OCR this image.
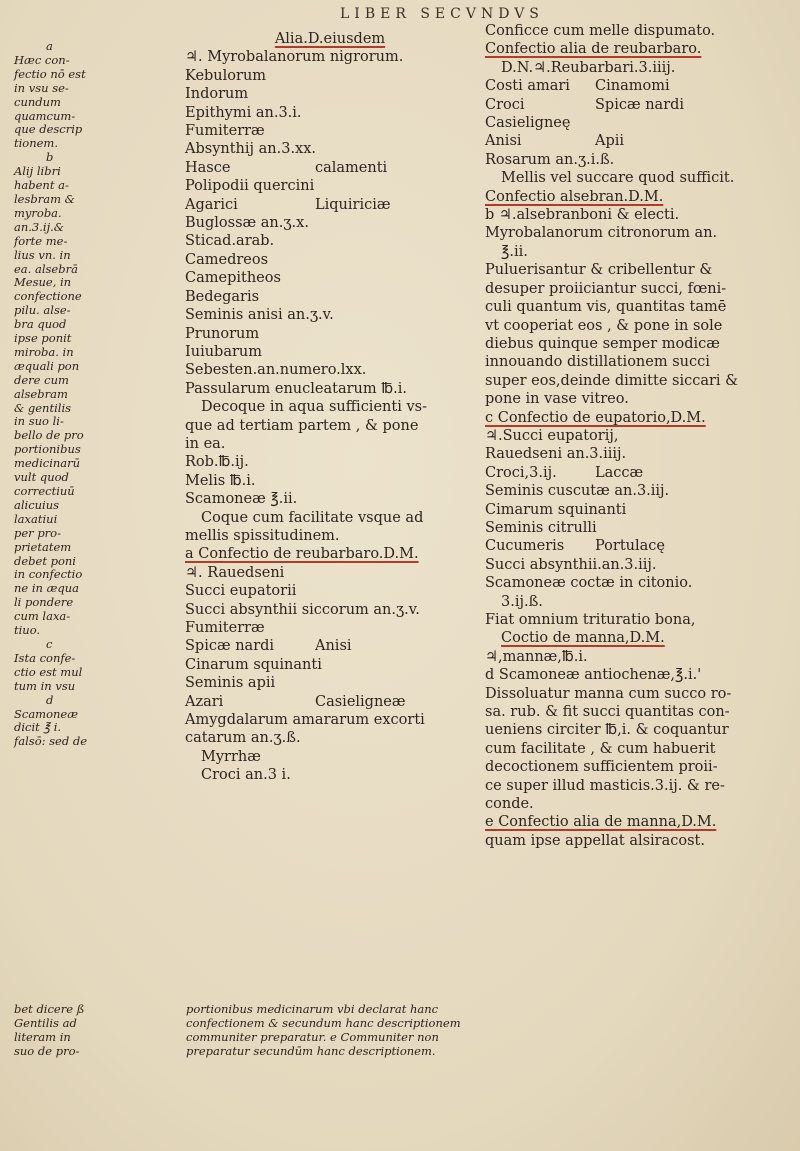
LIBER SECVNDVS
a
Hæc con-
fectio nō est
in vsu se-
cundum
quamcum-
que descrip
tionem.
b
Alij libri
habent a-
lesbram &
myroba.
an.3.ij.&
forte me-
lius vn. in
ea. alsebrā
Mesue, in
confectione
pilu. alse-
bra quod
ipse ponit
miroba. in
æquali pon
dere cum
alsebram
& gentilis
in suo li-
bello de pro
portionibus
medicinarū
vult quod
correctiuū
alicuius
laxatiui
per pro-
prietatem
debet poni
in confectio
ne in æqua
li pondere
cum laxa-
tiuo.
c
Ista confe-
ctio est mul
tum in vsu
d
Scamoneæ
dicit ℥ i.
falsō: sed de
Alia.D.eiusdem
♃. Myrobalanorum nigrorum.
Kebulorum
Indorum
Epithymi an.3.i.
Fumiterræ
Absynthij an.3.xx.
Hasce	calamenti
Polipodii quercini
Agarici	Liquiriciæ
Buglossæ an.ʒ.x.
Sticad.arab.
Camedreos
Camepitheos
Bedegaris
Seminis anisi an.ʒ.v.
Prunorum
Iuiubarum
Sebesten.an.numero.lxx.
Passularum enucleatarum ℔.i.
Decoque in aqua sufficienti vs-
que ad tertiam partem , & pone
in ea.
Rob.℔.ij.
Melis ℔.i.
Scamoneæ ℥.ii.
Coque cum facilitate vsque ad
mellis spissitudinem.
a Confectio de reubarbaro.D.M.
♃. Rauedseni
Succi eupatorii
Succi absynthii siccorum an.ʒ.v.
Fumiterræ
Spicæ nardi	Anisi
Cinarum squinanti
Seminis apii
Azari	Casieligneæ
Amygdalarum amararum excorti
catarum an.ʒ.ß.
Myrrhæ
Croci an.3 i.
Conficce cum melle dispumato.
Confectio alia de reubarbaro.
D.N.♃.Reubarbari.3.iiij.
Costi amari	Cinamomi
Croci	Spicæ nardi
Casieligneę
Anisi	Apii
Rosarum an.ʒ.i.ß.
Mellis vel succare quod sufficit.
Confectio alsebran.D.M.
b ♃.alsebranboni & electi.
Myrobalanorum citronorum an.
℥.ii.
Puluerisantur & cribellentur &
desuper proiiciantur succi, fœni-
culi quantum vis, quantitas tamē
vt cooperiat eos , & pone in sole
diebus quinque semper modicæ
innouando distillationem succi
super eos,deinde dimitte siccari &
pone in vase vitreo.
c Confectio de eupatorio,D.M.
♃.Succi eupatorij,
Rauedseni an.3.iiij.
Croci,3.ij.	Laccæ
Seminis cuscutæ an.3.iij.
Cimarum squinanti
Seminis citrulli
Cucumeris	Portulacę
Succi absynthii.an.3.iij.
Scamoneæ coctæ in citonio.
3.ij.ß.
Fiat omnium trituratio bona,
Coctio de manna,D.M.
♃,mannæ,℔.i.
d Scamoneæ antiochenæ,℥.i.'
Dissoluatur manna cum succo ro-
sa. rub. & fit succi quantitas con-
ueniens circiter ℔,i. & coquantur
cum facilitate , & cum habuerit
decoctionem sufficientem proii-
ce super illud masticis.3.ij. & re-
conde.
e Confectio alia de manna,D.M.
quam ipse appellat alsiracost.
bet dicere ß	portionibus medicinarum vbi declarat hanc
Gentilis ad	confectionem & secundum hanc descriptionem
literam in	communiter preparatur. e Communiter non
suo de pro-	preparatur secundūm hanc descriptionem.
